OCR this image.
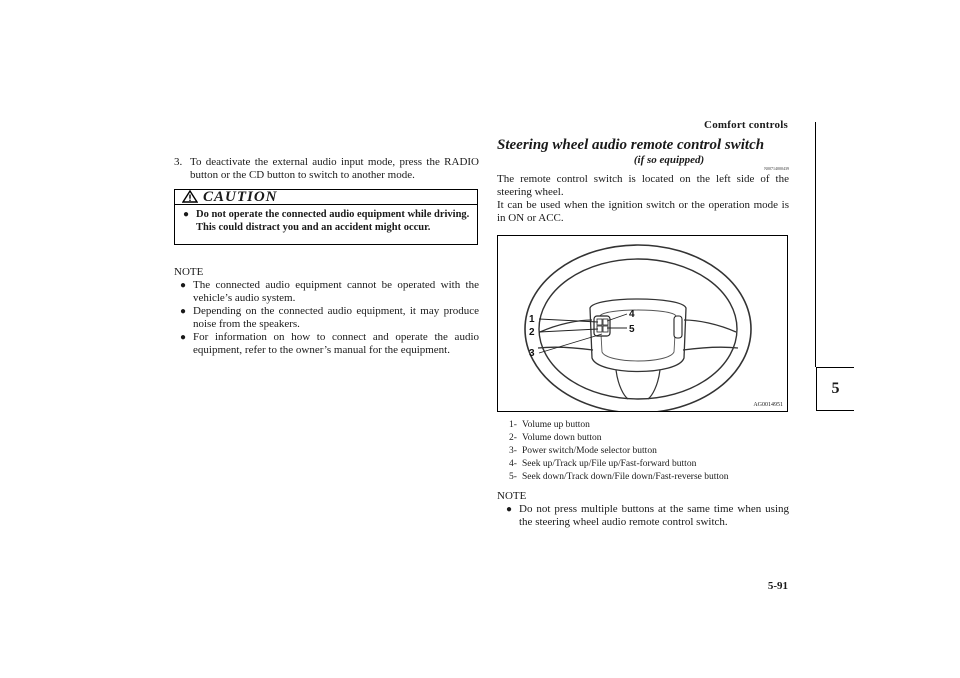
Comfort controls
5
3. To deactivate the external audio input mode, press the RADIO button or the CD button to switch to another mode.
CAUTION
● Do not operate the connected audio equipment while driving.
This could distract you and an accident might occur.
NOTE
● The connected audio equipment cannot be operated with the vehicle’s audio system.
● Depending on the connected audio equipment, it may produce noise from the speakers.
● For information on how to connect and operate the audio equipment, refer to the owner’s manual for the equipment.
Steering wheel audio remote control switch
(if so equipped)
N00714000439
The remote control switch is located on the left side of the steering wheel.
It can be used when the ignition switch or the operation mode is in ON or ACC.
1
2
3
4
5
AG0014951
1- Volume up button
2- Volume down button
3- Power switch/Mode selector button
4- Seek up/Track up/File up/Fast-forward button
5- Seek down/Track down/File down/Fast-reverse button
NOTE
● Do not press multiple buttons at the same time when using the steering wheel audio remote control switch.
5-91
